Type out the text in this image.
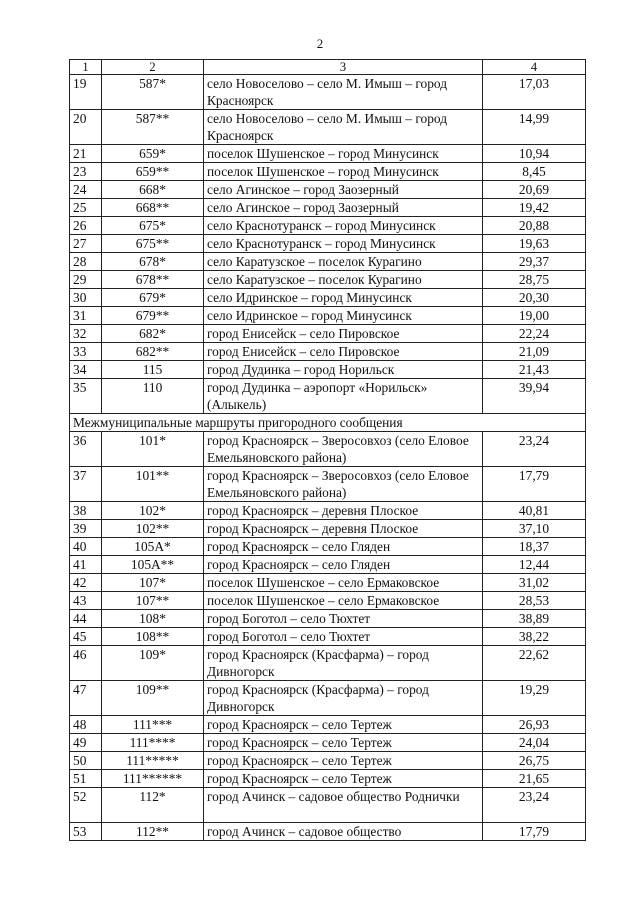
2
1	2	3	4
19	587*	село Новоселово – село М. Имыш – город Красноярск	17,03
20	587**	село Новоселово – село М. Имыш – город Красноярск	14,99
21	659*	поселок Шушенское – город Минусинск	10,94
23	659**	поселок Шушенское – город Минусинск	8,45
24	668*	село Агинское – город Заозерный	20,69
25	668**	село Агинское – город Заозерный	19,42
26	675*	село Краснотуранск – город Минусинск	20,88
27	675**	село Краснотуранск – город Минусинск	19,63
28	678*	село Каратузское – поселок Курагино	29,37
29	678**	село Каратузское – поселок Курагино	28,75
30	679*	село Идринское – город Минусинск	20,30
31	679**	село Идринское – город Минусинск	19,00
32	682*	город Енисейск – село Пировское	22,24
33	682**	город Енисейск – село Пировское	21,09
34	115	город Дудинка – город Норильск	21,43
35	110	город Дудинка – аэропорт «Норильск» (Алыкель)	39,94
Межмуниципальные маршруты пригородного сообщения			
36	101*	город Красноярск – Зверосовхоз (село Еловое Емельяновского района)	23,24
37	101**	город Красноярск – Зверосовхоз (село Еловое Емельяновского района)	17,79
38	102*	город Красноярск – деревня Плоское	40,81
39	102**	город Красноярск – деревня Плоское	37,10
40	105А*	город Красноярск – село Гляден	18,37
41	105А**	город Красноярск – село Гляден	12,44
42	107*	поселок Шушенское – село Ермаковское	31,02
43	107**	поселок Шушенское – село Ермаковское	28,53
44	108*	город Боготол – село Тюхтет	38,89
45	108**	город Боготол – село Тюхтет	38,22
46	109*	город Красноярск (Красфарма) – город Дивногорск	22,62
47	109**	город Красноярск (Красфарма) – город Дивногорск	19,29
48	111***	город Красноярск – село Тертеж	26,93
49	111****	город Красноярск – село Тертеж	24,04
50	111*****	город Красноярск – село Тертеж	26,75
51	111******	город Красноярск – село Тертеж	21,65
52	112*	город Ачинск – садовое общество Роднички	23,24
53	112**	город Ачинск – садовое общество	17,79
